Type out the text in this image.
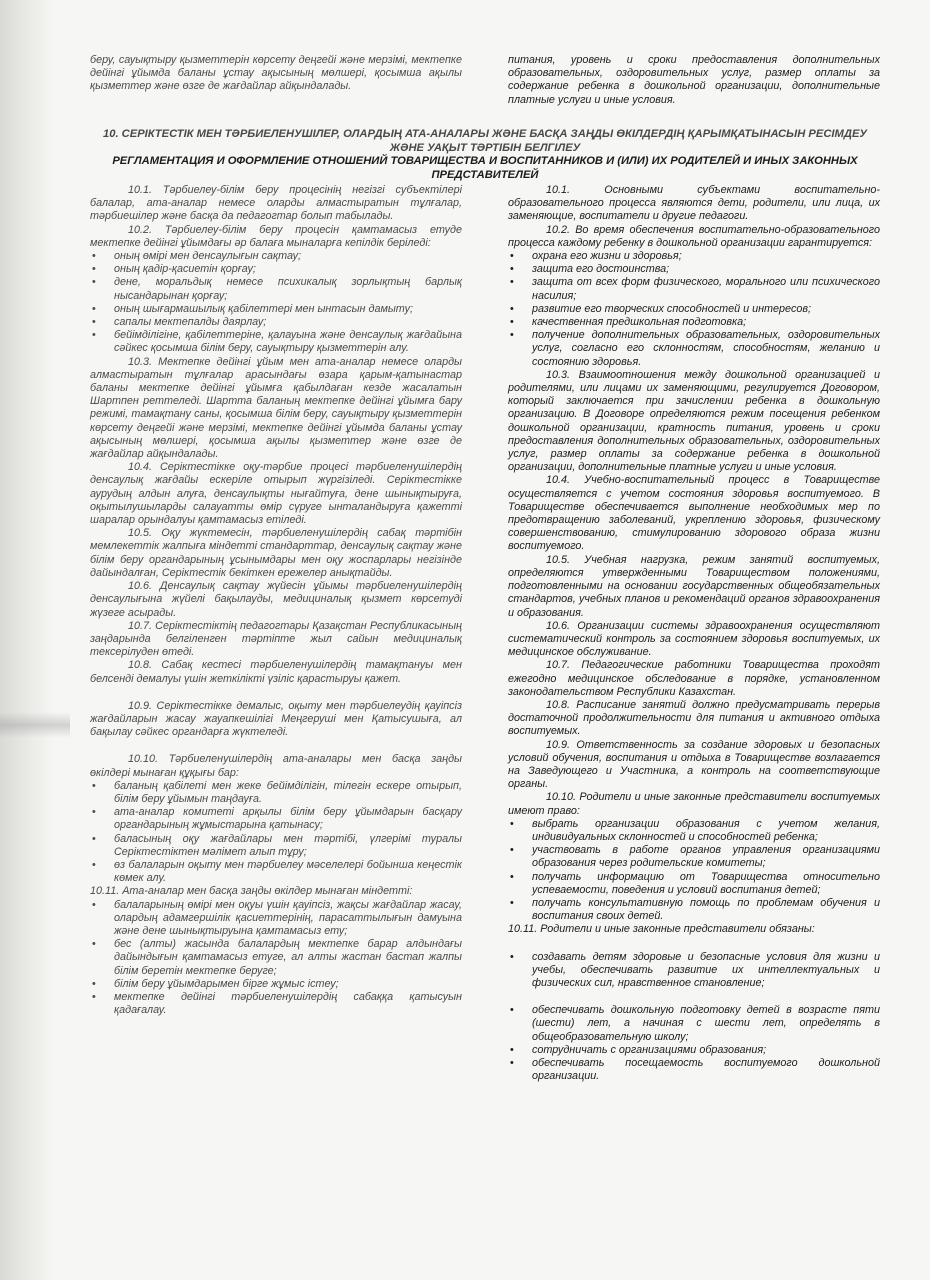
беру, сауықтыру қызметтерін көрсету деңгейі және мерзімі, мектепке дейінгі ұйымда баланы ұстау ақысының мөлшері, қосымша ақылы қызметтер және өзге де жағдайлар айқындалады.
питания, уровень и сроки предоставления дополнительных образовательных, оздоровительных услуг, размер оплаты за содержание ребенка в дошкольной организации, дополнительные платные услуги и иные условия.
10. СЕРІКТЕСТІК МЕН ТӘРБИЕЛЕНУШІЛЕР, ОЛАРДЫҢ АТА-АНАЛАРЫ ЖӘНЕ БАСҚА ЗАҢДЫ ӨКІЛДЕРДІҢ ҚАРЫМҚАТЫНАСЫН РЕСІМДЕУ ЖӘНЕ УАҚЫТ ТӘРТІБІН БЕЛГІЛЕУ
РЕГЛАМЕНТАЦИЯ И ОФОРМЛЕНИЕ ОТНОШЕНИЙ ТОВАРИЩЕСТВА И ВОСПИТАННИКОВ И (ИЛИ) ИХ РОДИТЕЛЕЙ И ИНЫХ ЗАКОННЫХ ПРЕДСТАВИТЕЛЕЙ

10.1. Тәрбиелеу-білім беру процесінің негізгі субъектілері балалар, ата-аналар немесе оларды алмастыратын тұлғалар, тәрбиешілер және басқа да педагогтар болып табылады.

10.2. Тәрбиелеу-білім беру процесін қамтамасыз етуде мектепке дейінгі ұйымдағы әр балаға мыналарға кепілдік беріледі:

• оның өмірі мен денсаулығын сақтау;
• оның қадір-қасиетін қорғау;
• дене, моральдық немесе психикалық зорлықтың барлық нысандарынан қорғау;
• оның шығармашылық қабілеттері мен ынтасын дамыту;
• сапалы мектепалды даярлау;
• бейімділігіне, қабілеттеріне, қалауына және денсаулық жағдайына сәйкес қосымша білім беру, сауықтыру қызметтерін алу.

10.3. Мектепке дейінгі ұйым мен ата-аналар немесе оларды алмастыратын тұлғалар арасындағы өзара қарым-қатынастар баланы мектепке дейінгі ұйымға қабылдаған кезде жасалатын Шартпен реттеледі. Шартта баланың мектепке дейінгі ұйымға бару режимі, тамақтану саны, қосымша білім беру, сауықтыру қызметтерін көрсету деңгейі және мерзімі, мектепке дейінгі ұйымда баланы ұстау ақысының мөлшері, қосымша ақылы қызметтер және өзге де жағдайлар айқындалады.

10.4. Серіктестікке оқу-тәрбие процесі тәрбиеленушілердің денсаулық жағдайы ескеріле отырып жүргізіледі. Серіктестікке аурудың алдын алуға, денсаулықты нығайтуға, дене шынықтыруға, оқытылушыларды салауатты өмір сүруге ынталандыруға қажетті шаралар орындалуы қамтамасыз етіледі.

10.5. Оқу жүктемесін, тәрбиеленушілердің сабақ тәртібін мемлекеттік жалпыға міндетті стандарттар, денсаулық сақтау және білім беру органдарының ұсынымдары мен оқу жоспарлары негізінде дайындалған, Серіктестік бекіткен ережелер анықтайды.

10.6. Денсаулық сақтау жүйесін ұйымы тәрбиеленушілердің денсаулығына жүйелі бақылауды, медициналық қызмет көрсетуді жүзеге асырады.

10.7. Серіктестіктің педагогтары Қазақстан Республикасының заңдарында белгіленген тәртіпте жыл сайын медициналық тексерілуден өтеді.

10.8. Сабақ кестесі тәрбиеленушілердің тамақтануы мен белсенді демалуы үшін жеткілікті үзіліс қарастыруы қажет.

10.9. Серіктестікке демалыс, оқыту мен тәрбиелеудің қауіпсіз жағдайларын жасау жауапкешілігі Меңгеруші мен Қатысушыға, ал бақылау сәйкес органдарға жүктеледі.

10.10. Тәрбиеленушілердің ата-аналары мен басқа заңды өкілдері мынаған құқығы бар:

• баланың қабілеті мен жеке бейімділігін, тілегін ескере отырып, білім беру ұйымын таңдауға.
• ата-аналар комитеті арқылы білім беру ұйымдарын басқару органдарының жұмыстарына қатынасу;
• баласының оқу жағдайлары мен тәртібі, үлгерімі туралы Серіктестіктен мәлімет алып тұру;
• өз балаларын оқыту мен тәрбиелеу мәселелері бойынша кеңестік көмек алу.

10.11. Ата-аналар мен басқа заңды өкілдер мынаған міндетті:

• балаларының өмірі мен оқуы үшін қауіпсіз, жақсы жағдайлар жасау, олардың адамгершілік қасиеттерінің, парасаттылығын дамуына және дене шынықтыруына қамтамасыз ету;
• бес (алты) жасында балалардың мектепке барар алдындағы дайындығын қамтамасыз етуге, ал алты жастан бастап жалпы білім беретін мектепке беруге;
• білім беру ұйымдарымен бірге жұмыс істеу;
• мектепке дейінгі тәрбиеленушілердің сабаққа қатысуын қадағалау.

10.1. Основными субъектами воспитательно-образовательного процесса являются дети, родители, или лица, их заменяющие, воспитатели и другие педагоги.

10.2. Во время обеспечения воспитательно-образовательного процесса каждому ребенку в дошкольной организации гарантируется:

• охрана его жизни и здоровья;
• защита его достоинства;
• защита от всех форм физического, морального или психического насилия;
• развитие его творческих способностей и интересов;
• качественная предшкольная подготовка;
• получение дополнительных образовательных, оздоровительных услуг, согласно его склонностям, способностям, желанию и состоянию здоровья.

10.3. Взаимоотношения между дошкольной организацией и родителями, или лицами их заменяющими, регулируется Договором, который заключается при зачислении ребенка в дошкольную организацию. В Договоре определяются режим посещения ребенком дошкольной организации, кратность питания, уровень и сроки предоставления дополнительных образовательных, оздоровительных услуг, размер оплаты за содержание ребенка в дошкольной организации, дополнительные платные услуги и иные условия.

10.4. Учебно-воспитательный процесс в Товариществе осуществляется с учетом состояния здоровья воспитуемого. В Товариществе обеспечивается выполнение необходимых мер по предотвращению заболеваний, укреплению здоровья, физическому совершенствованию, стимулированию здорового образа жизни воспитуемого.

10.5. Учебная нагрузка, режим занятий воспитуемых, определяются утвержденными Товариществом положениями, подготовленными на основании государственных общеобязательных стандартов, учебных планов и рекомендаций органов здравоохранения и образования.

10.6. Организации системы здравоохранения осуществляют систематический контроль за состоянием здоровья воспитуемых, их медицинское обслуживание.

10.7. Педагогические работники Товарищества проходят ежегодно медицинское обследование в порядке, установленном законодательством Республики Казахстан.

10.8. Расписание занятий должно предусматривать перерыв достаточной продолжительности для питания и активного отдыха воспитуемых.

10.9. Ответственность за создание здоровых и безопасных условий обучения, воспитания и отдыха в Товариществе возлагается на Заведующего и Участника, а контроль на соответствующие органы.

10.10. Родители и иные законные представители воспитуемых имеют право:

• выбрать организации образования с учетом желания, индивидуальных склонностей и способностей ребенка;
• участвовать в работе органов управления организациями образования через родительские комитеты;
• получать информацию от Товарищества относительно успеваемости, поведения и условий воспитания детей;
• получать консультативную помощь по проблемам обучения и воспитания своих детей.

10.11. Родители и иные законные представители обязаны:

• создавать детям здоровые и безопасные условия для жизни и учебы, обеспечивать развитие их интеллектуальных и физических сил, нравственное становление;
• обеспечивать дошкольную подготовку детей в возрасте пяти (шести) лет, а начиная с шести лет, определять в общеобразовательную школу;
• сотрудничать с организациями образования;
• обеспечивать посещаемость воспитуемого дошкольной организации.
